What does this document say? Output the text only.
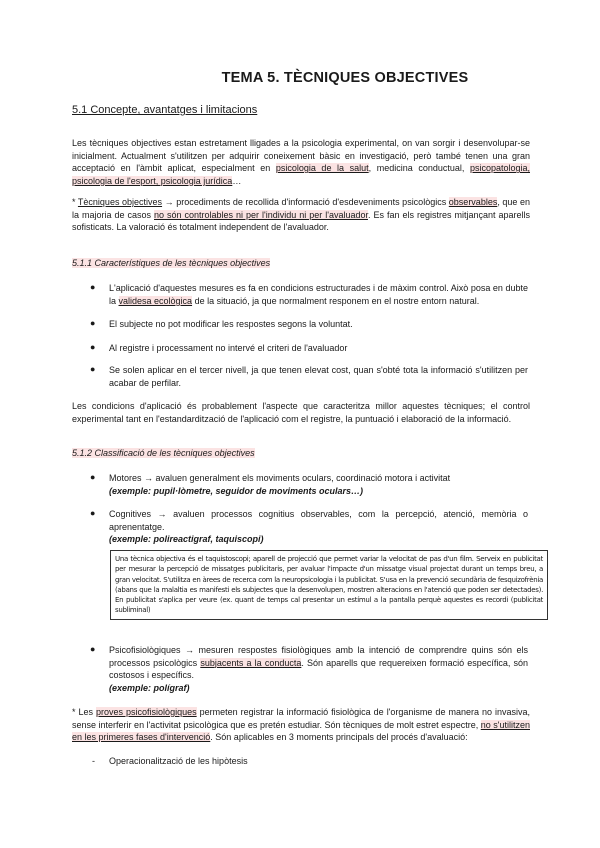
TEMA 5. TÈCNIQUES OBJECTIVES
5.1 Concepte, avantatges i limitacions
Les tècniques objectives estan estretament lligades a la psicologia experimental, on van sorgir i desenvolupar-se inicialment. Actualment s'utilitzen per adquirir coneixement bàsic en investigació, però també tenen una gran acceptació en l'àmbit aplicat, especialment en psicologia de la salut, medicina conductual, psicopatologia, psicologia de l'esport, psicologia jurídica…
* Tècniques objectives → procediments de recollida d'informació d'esdeveniments psicològics observables, que en la majoria de casos no són controlables ni per l'individu ni per l'avaluador. Es fan els registres mitjançant aparells sofisticats. La valoració és totalment independent de l'avaluador.
5.1.1 Característiques de les tècniques objectives
● L'aplicació d'aquestes mesures es fa en condicions estructurades i de màxim control. Això posa en dubte la validesa ecològica de la situació, ja que normalment responem en el nostre entorn natural.
● El subjecte no pot modificar les respostes segons la voluntat.
● Al registre i processament no intervé el criteri de l'avaluador
● Se solen aplicar en el tercer nivell, ja que tenen elevat cost, quan s'obté tota la informació s'utilitzen per acabar de perfilar.
Les condicions d'aplicació és probablement l'aspecte que caracteritza millor aquestes tècniques; el control experimental tant en l'estandardització de l'aplicació com el registre, la puntuació i elaboració de la informació.
5.1.2 Classificació de les tècniques objectives
● Motores → avaluen generalment els moviments oculars, coordinació motora i activitat
(exemple: pupil·lòmetre, seguidor de moviments oculars…)
● Cognitives → avaluen processos cognitius observables, com la percepció, atenció, memòria o aprenentatge.
(exemple: polireactigraf, taquiscopi)
Una tècnica objectiva és el taquistoscopi; aparell de projecció que permet variar la velocitat de pas d'un film. Serveix en publicitat per mesurar la percepció de missatges publicitaris, per avaluar l'impacte d'un missatge visual projectat durant un temps breu, a gran velocitat. S'utilitza en àrees de recerca com la neuropsicologia i la publicitat. S'usa en la prevenció secundària de fesquizofrènia (abans que la malaltia es manifesti els subjectes que la desenvolupen, mostren alteracions en l'atenció que poden ser detectades). En publicitat s'aplica per veure (ex. quant de temps cal presentar un estímul a la pantalla perquè aquestes es recordi (publicitat subliminal)
● Psicofisiològiques → mesuren respostes fisiològiques amb la intenció de comprendre quins són els processos psicològics subjacents a la conducta. Són aparells que requereixen formació específica, són costosos i específics.
(exemple: polígraf)
* Les proves psicofisiològiques permeten registrar la informació fisiològica de l'organisme de manera no invasiva, sense interferir en l'activitat psicològica que es pretén estudiar. Són tècniques de molt estret espectre, no s'utilitzen en les primeres fases d'intervenció. Són aplicables en 3 moments principals del procés d'avaluació:
- Operacionalització de les hipòtesis
